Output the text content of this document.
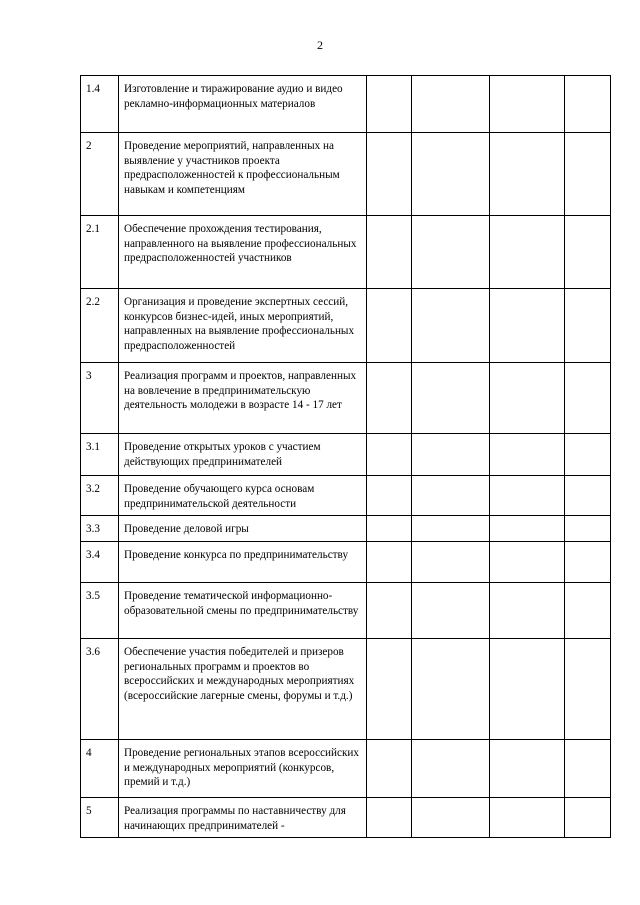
2
1.4	Изготовление и тиражирование аудио и видео рекламно-информационных материалов				
2	Проведение мероприятий, направленных на выявление у участников проекта предрасположенностей к профессиональным навыкам и компетенциям				
2.1	Обеспечение прохождения тестирования, направленного на выявление профессиональных предрасположенностей участников				
2.2	Организация и проведение экспертных сессий, конкурсов бизнес-идей, иных мероприятий, направленных на выявление профессиональных предрасположенностей				
3	Реализация программ и проектов, направленных на вовлечение в предпринимательскую деятельность молодежи в возрасте 14 - 17 лет				
3.1	Проведение открытых уроков с участием действующих предпринимателей				
3.2	Проведение обучающего курса основам предпринимательской деятельности				
3.3	Проведение деловой игры				
3.4	Проведение конкурса по предпринимательству				
3.5	Проведение тематической информационно-образовательной смены по предпринимательству				
3.6	Обеспечение участия победителей и призеров региональных программ и проектов во всероссийских и международных мероприятиях (всероссийские лагерные смены, форумы и т.д.)				
4	Проведение региональных этапов всероссийских и международных мероприятий (конкурсов, премий и т.д.)				
5	Реализация программы по наставничеству для начинающих предпринимателей -				
